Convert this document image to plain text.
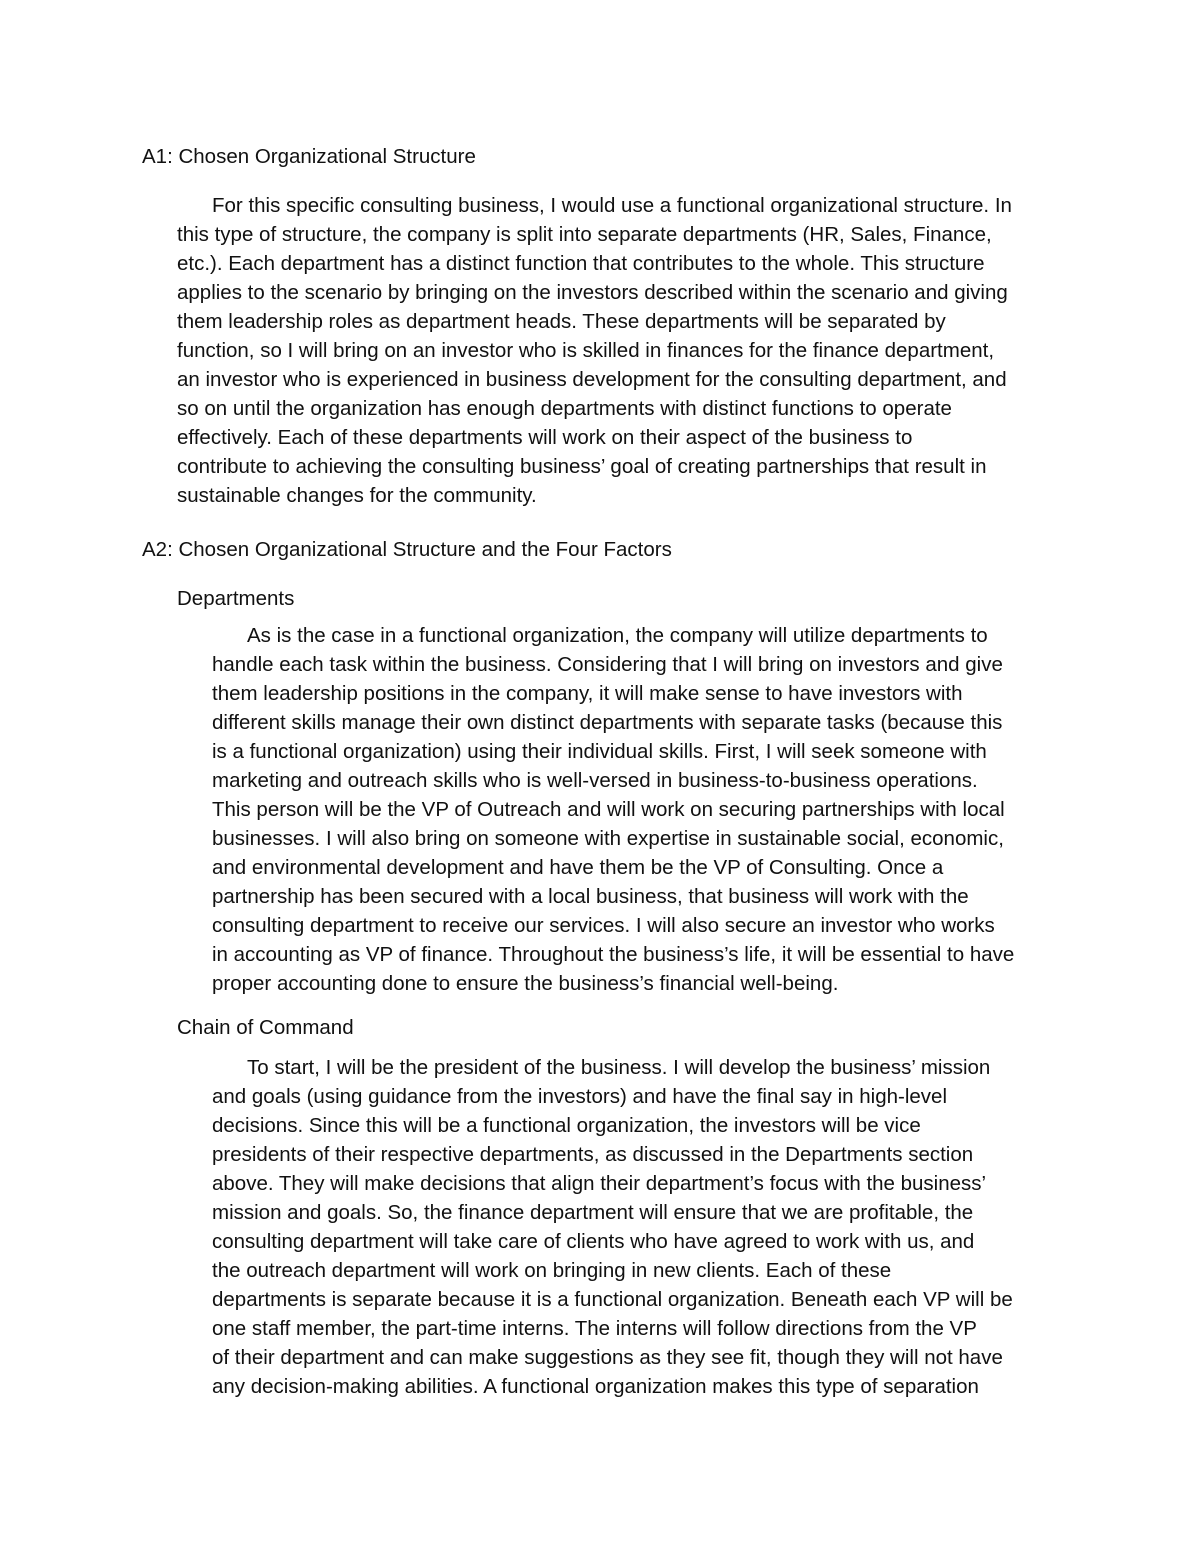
A1: Chosen Organizational Structure
For this specific consulting business, I would use a functional organizational structure. In
this type of structure, the company is split into separate departments (HR, Sales, Finance,
etc.). Each department has a distinct function that contributes to the whole. This structure
applies to the scenario by bringing on the investors described within the scenario and giving
them leadership roles as department heads. These departments will be separated by
function, so I will bring on an investor who is skilled in finances for the finance department,
an investor who is experienced in business development for the consulting department, and
so on until the organization has enough departments with distinct functions to operate
effectively. Each of these departments will work on their aspect of the business to
contribute to achieving the consulting business’ goal of creating partnerships that result in
sustainable changes for the community.
A2: Chosen Organizational Structure and the Four Factors
Departments
As is the case in a functional organization, the company will utilize departments to
handle each task within the business. Considering that I will bring on investors and give
them leadership positions in the company, it will make sense to have investors with
different skills manage their own distinct departments with separate tasks (because this
is a functional organization) using their individual skills. First, I will seek someone with
marketing and outreach skills who is well-versed in business-to-business operations.
This person will be the VP of Outreach and will work on securing partnerships with local
businesses. I will also bring on someone with expertise in sustainable social, economic,
and environmental development and have them be the VP of Consulting. Once a
partnership has been secured with a local business, that business will work with the
consulting department to receive our services. I will also secure an investor who works
in accounting as VP of finance. Throughout the business’s life, it will be essential to have
proper accounting done to ensure the business’s financial well-being.
Chain of Command
To start, I will be the president of the business. I will develop the business’ mission
and goals (using guidance from the investors) and have the final say in high-level
decisions. Since this will be a functional organization, the investors will be vice
presidents of their respective departments, as discussed in the Departments section
above. They will make decisions that align their department’s focus with the business’
mission and goals. So, the finance department will ensure that we are profitable, the
consulting department will take care of clients who have agreed to work with us, and
the outreach department will work on bringing in new clients. Each of these
departments is separate because it is a functional organization. Beneath each VP will be
one staff member, the part-time interns. The interns will follow directions from the VP
of their department and can make suggestions as they see fit, though they will not have
any decision-making abilities. A functional organization makes this type of separation
